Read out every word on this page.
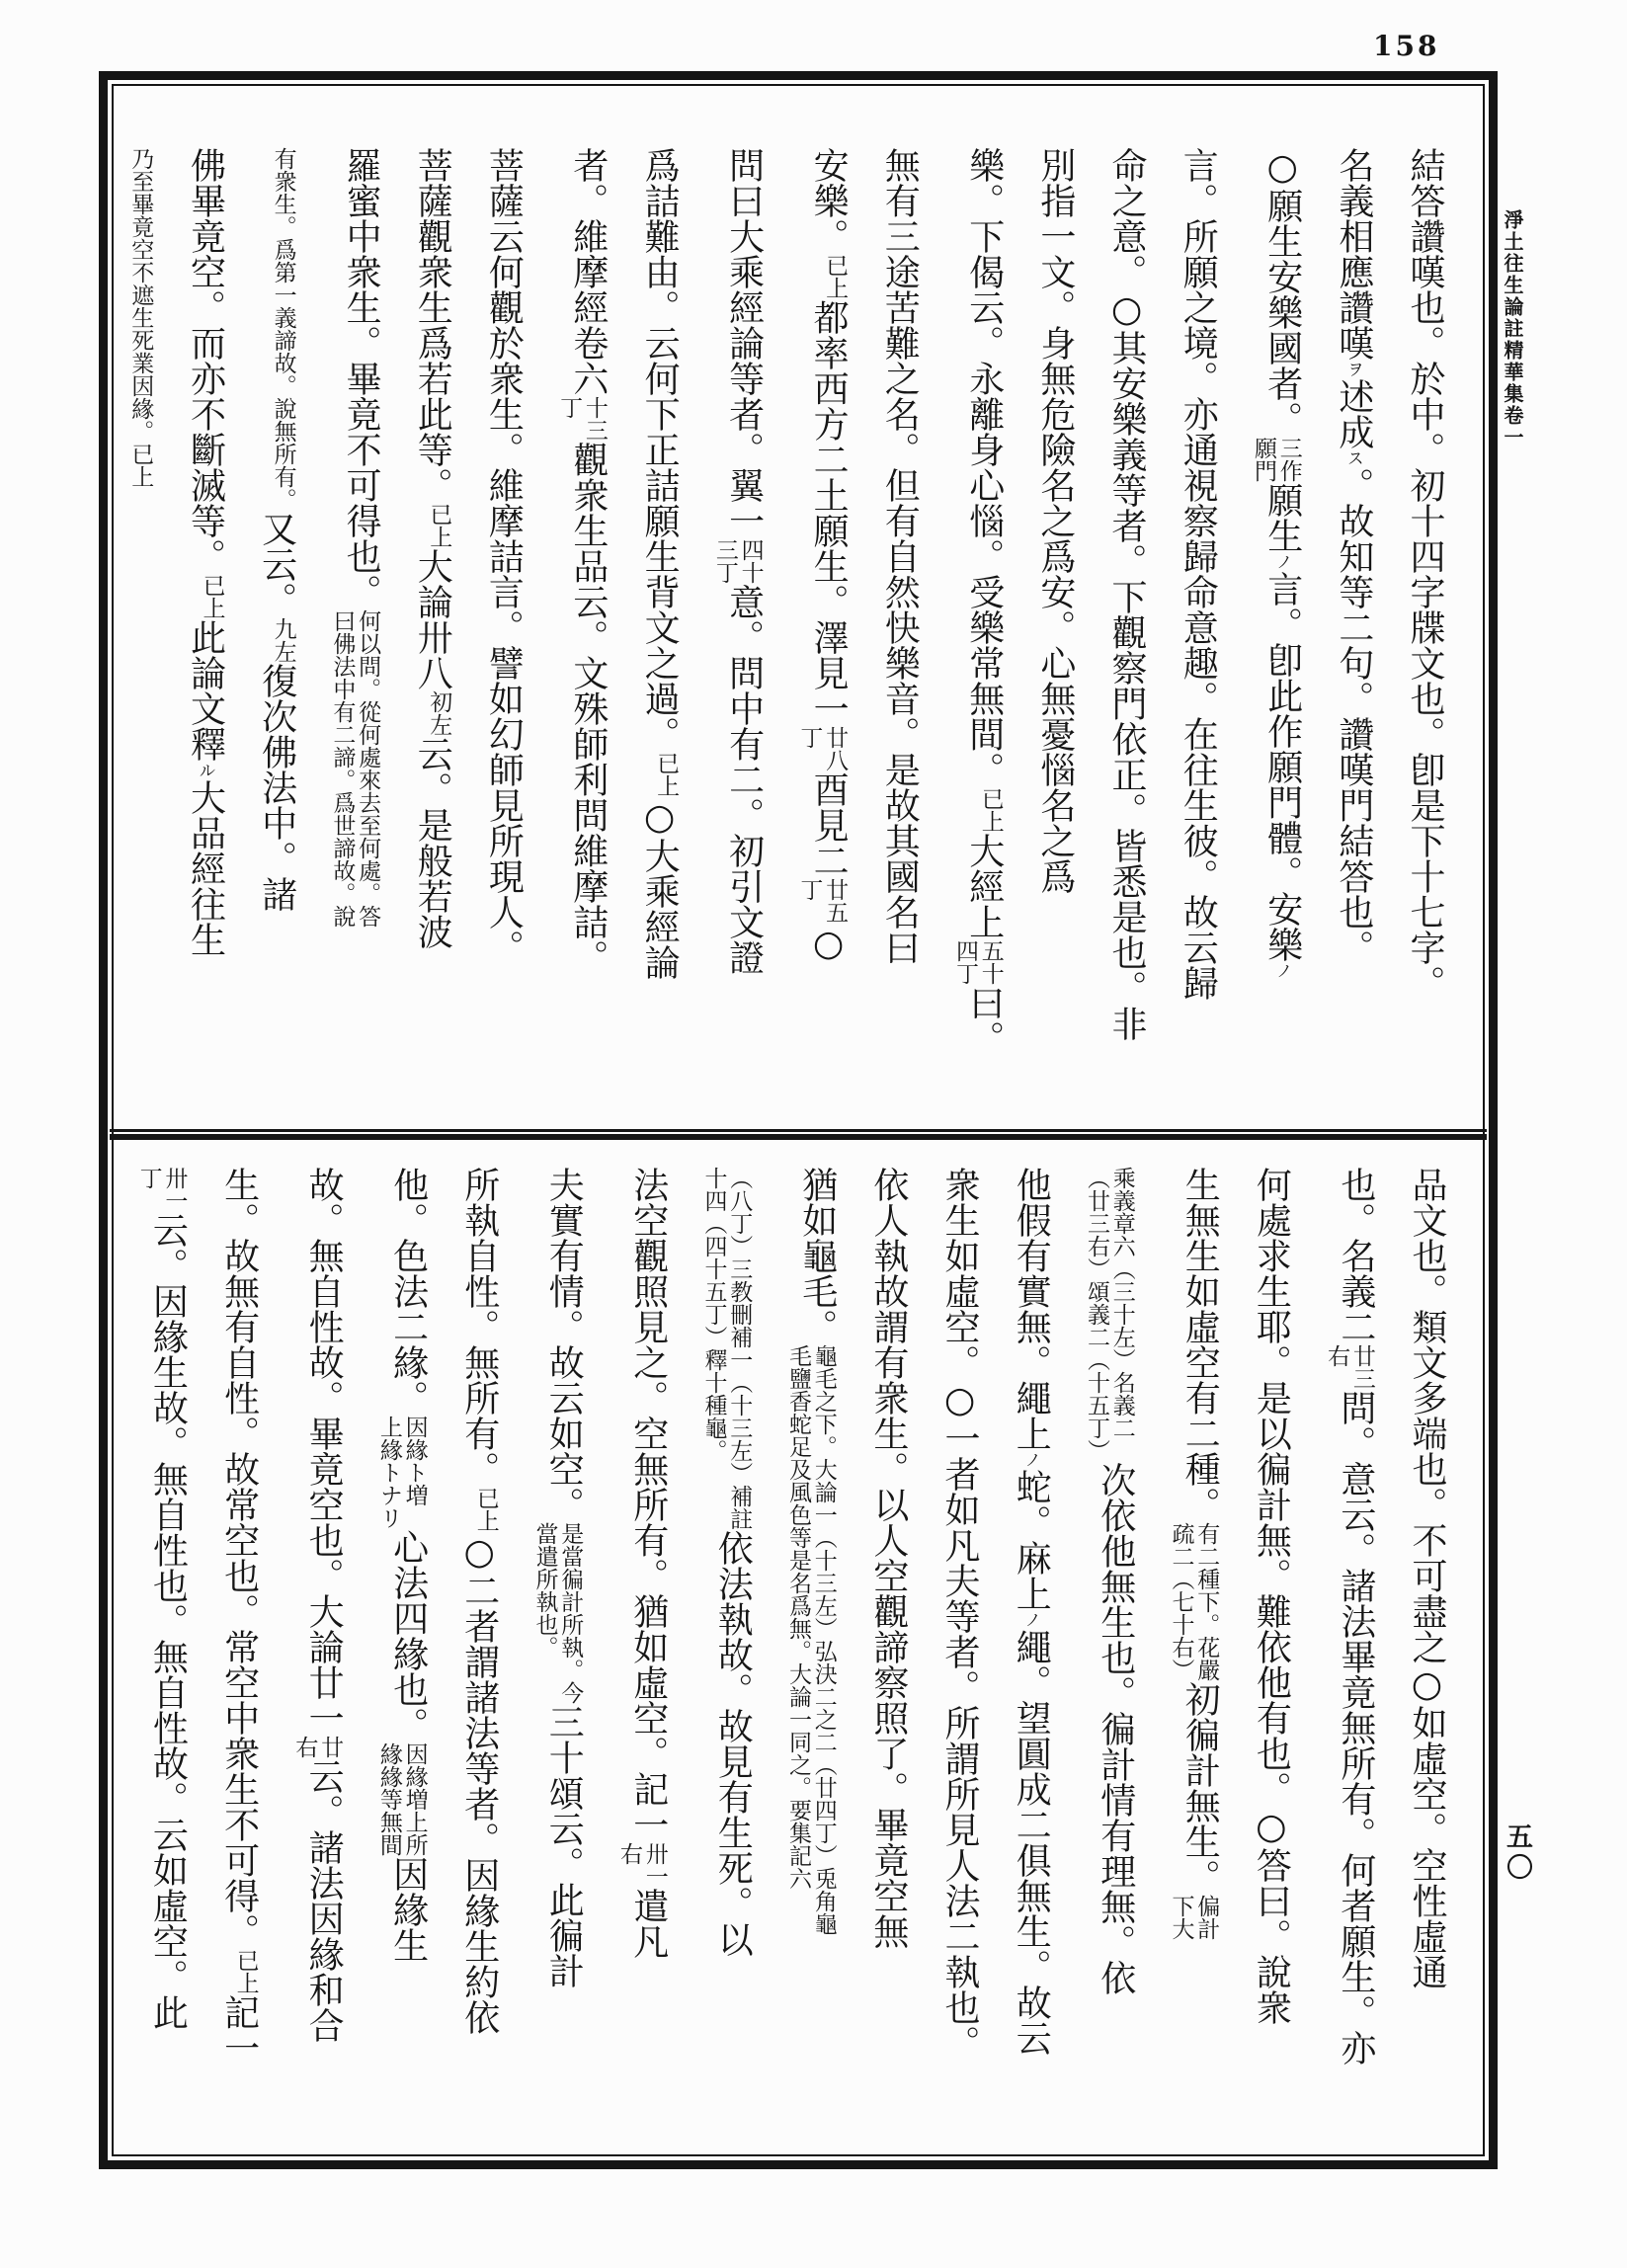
158
淨土往生論註精華集卷一
五〇
結答讚嘆也。於中。初十四字牒文也。卽是下十七字。
名義相應讚嘆ヲ述成ス。故知等二句。讚嘆門結答也。
○願生安樂國者。
三作
願門
願生ノ言。卽此作願門體。安樂ノ
言。所願之境。亦通視察歸命意趣。在往生彼。故云歸
命之意。○其安樂義等者。下觀察門依正。皆悉是也。非
別指一文。身無危險名之爲安。心無憂惱名之爲
樂。下偈云。永離身心惱。受樂常無間。
已上
大經上
五十
四丁
曰。
無有三途苦難之名。但有自然快樂音。是故其國名曰
安樂。
已上
都率西方二土願生。澤見一
廿八
丁
酉見二
廿五
丁
○
問曰大乘經論等者。翼一
四十
三丁
意。問中有二。初引文證
爲詰難由。云何下正詰願生背文之過。
已上
○大乘經論
者。維摩經卷六
十三
丁
觀衆生品云。文殊師利問維摩詰。
菩薩云何觀於衆生。維摩詰言。譬如幻師見所現人。
菩薩觀衆生爲若此等。
已上
大論卅八
初左
云。是般若波
羅蜜中衆生。畢竟不可得也。
何以問。從何處來去至何處。答
曰佛法中有二諦。爲世諦故。說
有衆生。爲第一義諦故。說無所有。
又云。
九左
復次佛法中。諸
佛畢竟空。而亦不斷滅等。
已上
此論文釋ル大品經往生
乃至畢竟空不遮生死業因緣。已上
品文也。類文多端也。不可盡之○如虛空。空性虛通
也。名義二
廿三
右
問。意云。諸法畢竟無所有。何者願生。亦
何處求生耶。是以徧計無。難依他有也。○答曰。說衆
生無生如虛空有二種。
有二種下。花嚴
疏二（七十右）
初徧計無生。
偏計
下大
乘義章六（三十左）名義二
（廿三右）頌義二（十五丁）
次依他無生也。徧計情有理無。依
他假有實無。繩上ノ蛇。麻上ノ繩。望圓成二俱無生。故云
衆生如虛空。○一者如凡夫等者。所謂所見人法二執也。
依人執故謂有衆生。以人空觀諦察照了。畢竟空無
猶如龜毛。
龜毛之下。大論一（十三左）弘決二之二（廿四丁）兎角龜
毛鹽香蛇足及風色等是名爲無。大論一同之。要集記六
（八丁）三教刪補一（十三左）補註
十四（四十五丁）釋十種龜。
依法執故。故見有生死。以
法空觀照見之。空無所有。猶如虛空。記一
卅一
右
遣凡
夫實有情。故云如空。
是當徧計所執。今
當遣所執也。
三十頌云。此徧計
所執自性。無所有。
已上
○二者謂諸法等者。因緣生約依
他。色法二緣。
因緣ト増
上緣トナリ
心法四緣也。
因緣増上所
緣緣等無間
因緣生
故。無自性故。畢竟空也。大論廿一
廿
右
云。諸法因緣和合
生。故無有自性。故常空也。常空中衆生不可得。
已上
記一
卅一
丁
云。因緣生故。無自性也。無自性故。云如虛空。此
